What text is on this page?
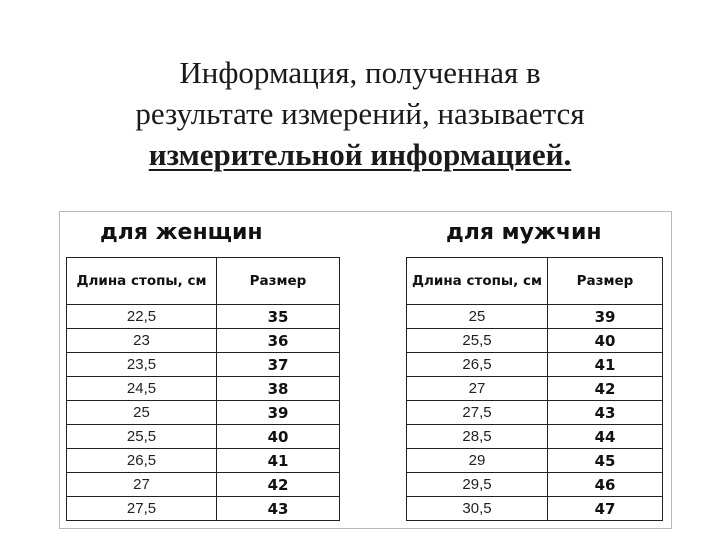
Информация, полученная в
результате измерений, называется
измерительной информацией.
для женщин
Длина стопы, см	Размер
22,5	35
23	36
23,5	37
24,5	38
25	39
25,5	40
26,5	41
27	42
27,5	43
для мужчин
Длина стопы, см	Размер
25	39
25,5	40
26,5	41
27	42
27,5	43
28,5	44
29	45
29,5	46
30,5	47
